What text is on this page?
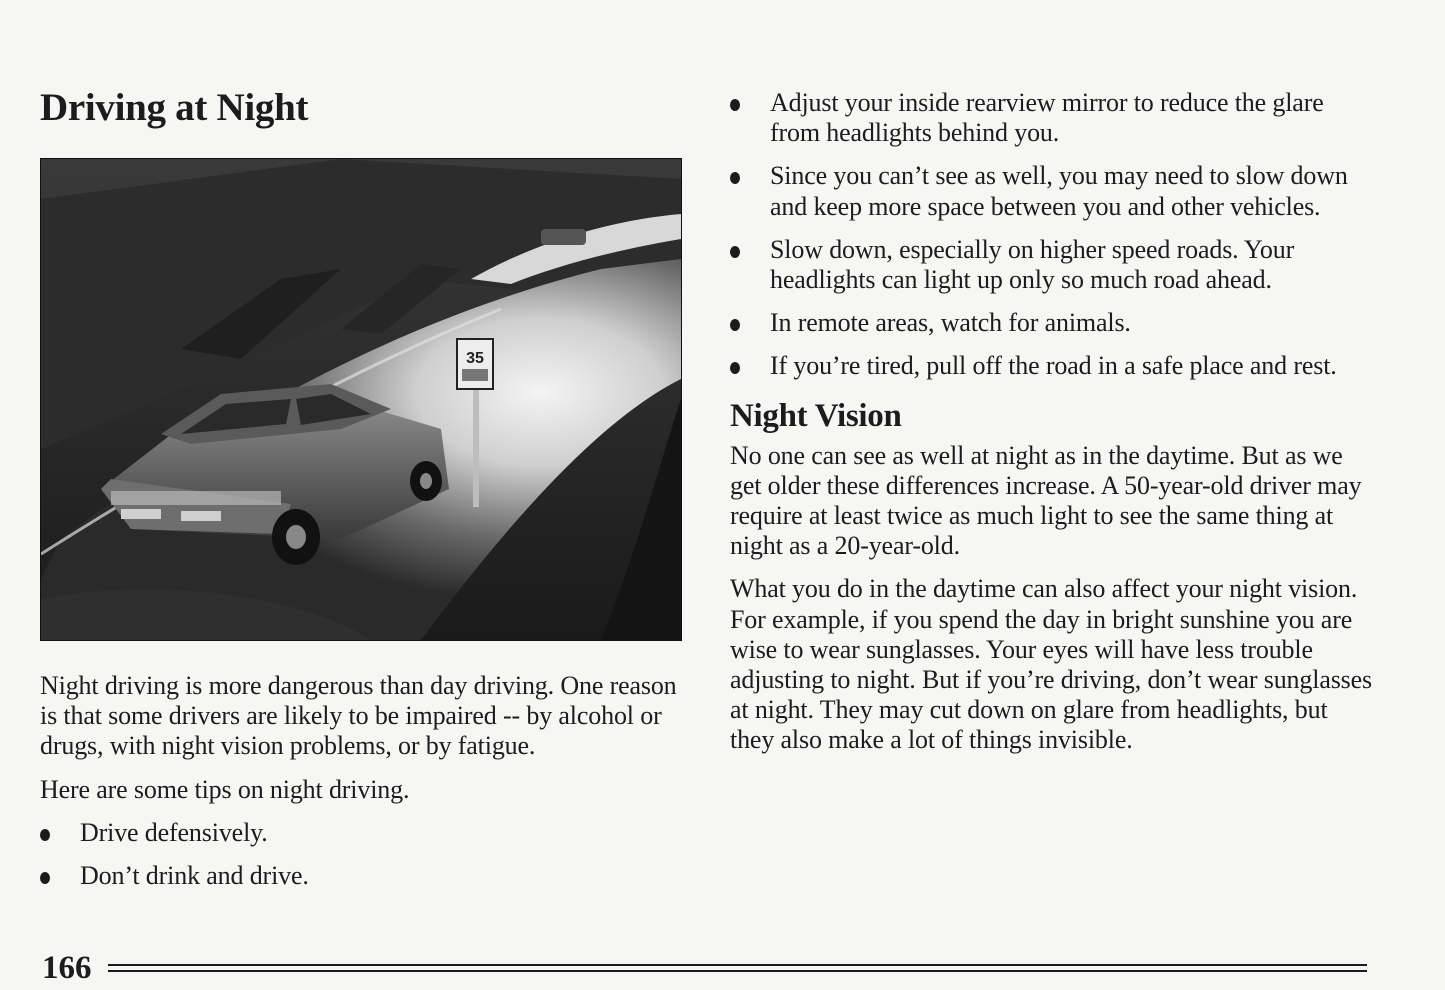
Driving at Night
35

Night driving is more dangerous than day driving. One reason is that some drivers are likely to be impaired -- by alcohol or drugs, with night vision problems, or by fatigue.

Here are some tips on night driving.

Drive defensively.
Don’t drink and drive.
Adjust your inside rearview mirror to reduce the glare from headlights behind you.
Since you can’t see as well, you may need to slow down and keep more space between you and other vehicles.
Slow down, especially on higher speed roads. Your headlights can light up only so much road ahead.
In remote areas, watch for animals.
If you’re tired, pull off the road in a safe place and rest.
Night Vision

No one can see as well at night as in the daytime. But as we get older these differences increase. A 50-year-old driver may require at least twice as much light to see the same thing at night as a 20-year-old.

What you do in the daytime can also affect your night vision. For example, if you spend the day in bright sunshine you are wise to wear sunglasses. Your eyes will have less trouble adjusting to night. But if you’re driving, don’t wear sunglasses at night. They may cut down on glare from headlights, but they also make a lot of things invisible.

166
